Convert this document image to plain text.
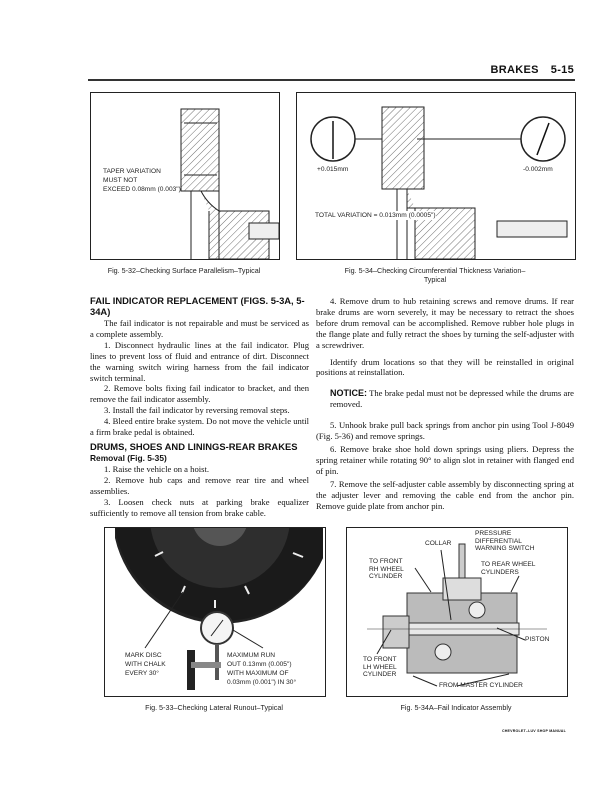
BRAKES 5-15
TAPER VARIATION
MUST NOT
EXCEED 0.08mm (0.003")
Fig. 5-32–Checking Surface Parallelism–Typical
+0.015mm	-0.002mm
TOTAL VARIATION = 0.013mm (0.0005")
Fig. 5-34–Checking Circumferential Thickness Variation–
Typical
FAIL INDICATOR REPLACEMENT (FIGS. 5-3A, 5-34A)

The fail indicator is not repairable and must be serviced as a complete assembly.

1. Disconnect hydraulic lines at the fail indicator. Plug lines to prevent loss of fluid and entrance of dirt. Disconnect the warning switch wiring harness from the fail indicator switch terminal.

2. Remove bolts fixing fail indicator to bracket, and then remove the fail indicator assembly.

3. Install the fail indicator by reversing removal steps.

4. Bleed entire brake system. Do not move the vehicle until a firm brake pedal is obtained.

DRUMS, SHOES AND LININGS-REAR BRAKES
Removal (Fig. 5-35)

1. Raise the vehicle on a hoist.

2. Remove hub caps and remove rear tire and wheel assemblies.

3. Loosen check nuts at parking brake equalizer sufficiently to remove all tension from brake cable.

4. Remove drum to hub retaining screws and remove drums. If rear brake drums are worn severely, it may be necessary to retract the shoes before drum removal can be accomplished. Remove rubber hole plugs in the flange plate and fully retract the shoes by turning the self-adjuster with a screwdriver.

Identify drum locations so that they will be reinstalled in original positions at reinstallation.

NOTICE: The brake pedal must not be depressed while the drums are removed.

5. Unhook brake pull back springs from anchor pin using Tool J-8049 (Fig. 5-36) and remove springs.

6. Remove brake shoe hold down springs using pliers. Depress the spring retainer while rotating 90° to align slot in retainer with flanged end of pin.

7. Remove the self-adjuster cable assembly by disconnecting spring at the adjuster lever and removing the cable end from the anchor pin. Remove guide plate from anchor pin.

MARK DISC
WITH CHALK
EVERY 30°
MAXIMUM RUN
OUT 0.13mm (0.005")
WITH MAXIMUM OF
0.03mm (0.001") IN 30°
Fig. 5-33–Checking Lateral Runout–Typical
COLLAR
PRESSURE
DIFFERENTIAL
WARNING SWITCH
TO FRONT
RH WHEEL
CYLINDER
TO REAR WHEEL
CYLINDERS
PISTON
TO FRONT
LH WHEEL
CYLINDER
FROM MASTER CYLINDER
Fig. 5-34A–Fail Indicator Assembly
CHEVROLET–LUV SHOP MANUAL
